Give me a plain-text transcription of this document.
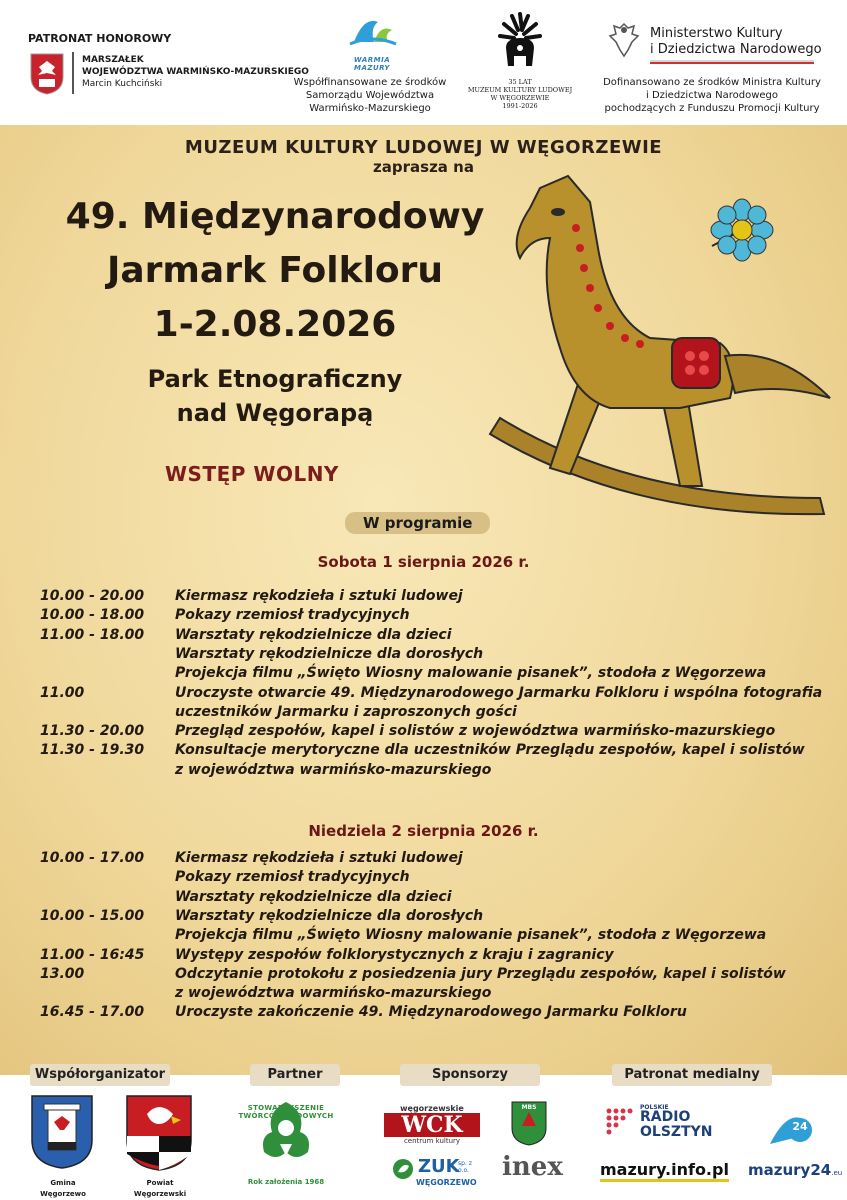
PATRONAT HONOROWY
MARSZAŁEK
WOJEWÓDZTWA WARMIŃSKO-MAZURSKIEGO
Marcin Kuchciński
WARMIA MAZURY
Współfinansowane ze środków
Samorządu Województwa
Warmińsko-Mazurskiego
35 LAT
MUZEUM KULTURY LUDOWEJ
W WĘGORZEWIE
1991-2026
Ministerstwo Kultury
i Dziedzictwa Narodowego
Dofinansowano ze środków Ministra Kultury
i Dziedzictwa Narodowego
pochodzących z Funduszu Promocji Kultury
MUZEUM KULTURY LUDOWEJ W WĘGORZEWIE
zaprasza na
49. Międzynarodowy
Jarmark Folkloru
1-2.08.2026
Park Etnograficzny
nad Węgorapą
WSTĘP WOLNY
W programie
Sobota 1 sierpnia 2026 r.
10.00 - 20.00	Kiermasz rękodzieła i sztuki ludowej
10.00 - 18.00	Pokazy rzemiosł tradycyjnych
11.00 - 18.00	Warsztaty rękodzielnicze dla dzieci
Warsztaty rękodzielnicze dla dorosłych
Projekcja filmu „Święto Wiosny malowanie pisanek”, stodoła z Węgorzewa
11.00	Uroczyste otwarcie 49. Międzynarodowego Jarmarku Folkloru i wspólna fotografia
uczestników Jarmarku i zaproszonych gości
11.30 - 20.00	Przegląd zespołów, kapel i solistów z województwa warmińsko-mazurskiego
11.30 - 19.30	Konsultacje merytoryczne dla uczestników Przeglądu zespołów, kapel i solistów
z województwa warmińsko-mazurskiego
Niedziela 2 sierpnia 2026 r.
10.00 - 17.00	Kiermasz rękodzieła i sztuki ludowej
Pokazy rzemiosł tradycyjnych
Warsztaty rękodzielnicze dla dzieci
10.00 - 15.00	Warsztaty rękodzielnicze dla dorosłych
Projekcja filmu „Święto Wiosny malowanie pisanek”, stodoła z Węgorzewa
11.00 - 16:45	Występy zespołów folklorystycznych z kraju i zagranicy
13.00	Odczytanie protokołu z posiedzenia jury Przeglądu zespołów, kapel i solistów
z województwa warmińsko-mazurskiego
16.45 - 17.00	Uroczyste zakończenie 49. Międzynarodowego Jarmarku Folkloru
Współorganizator	Partner	Sponsorzy	Patronat medialny
Gmina Węgorzewo
Powiat Węgorzewski
STOWARZYSZENIE TWÓRCÓW LUDOWYCH
Rok założenia 1968
węgorzewskie
WCK
centrum kultury
MBS
ZUK
sp. z o.o.
WĘGORZEWO
inex
POLSKIE
RADIO
OLSZTYN
mazury.info.pl
24
mazury24.eu
